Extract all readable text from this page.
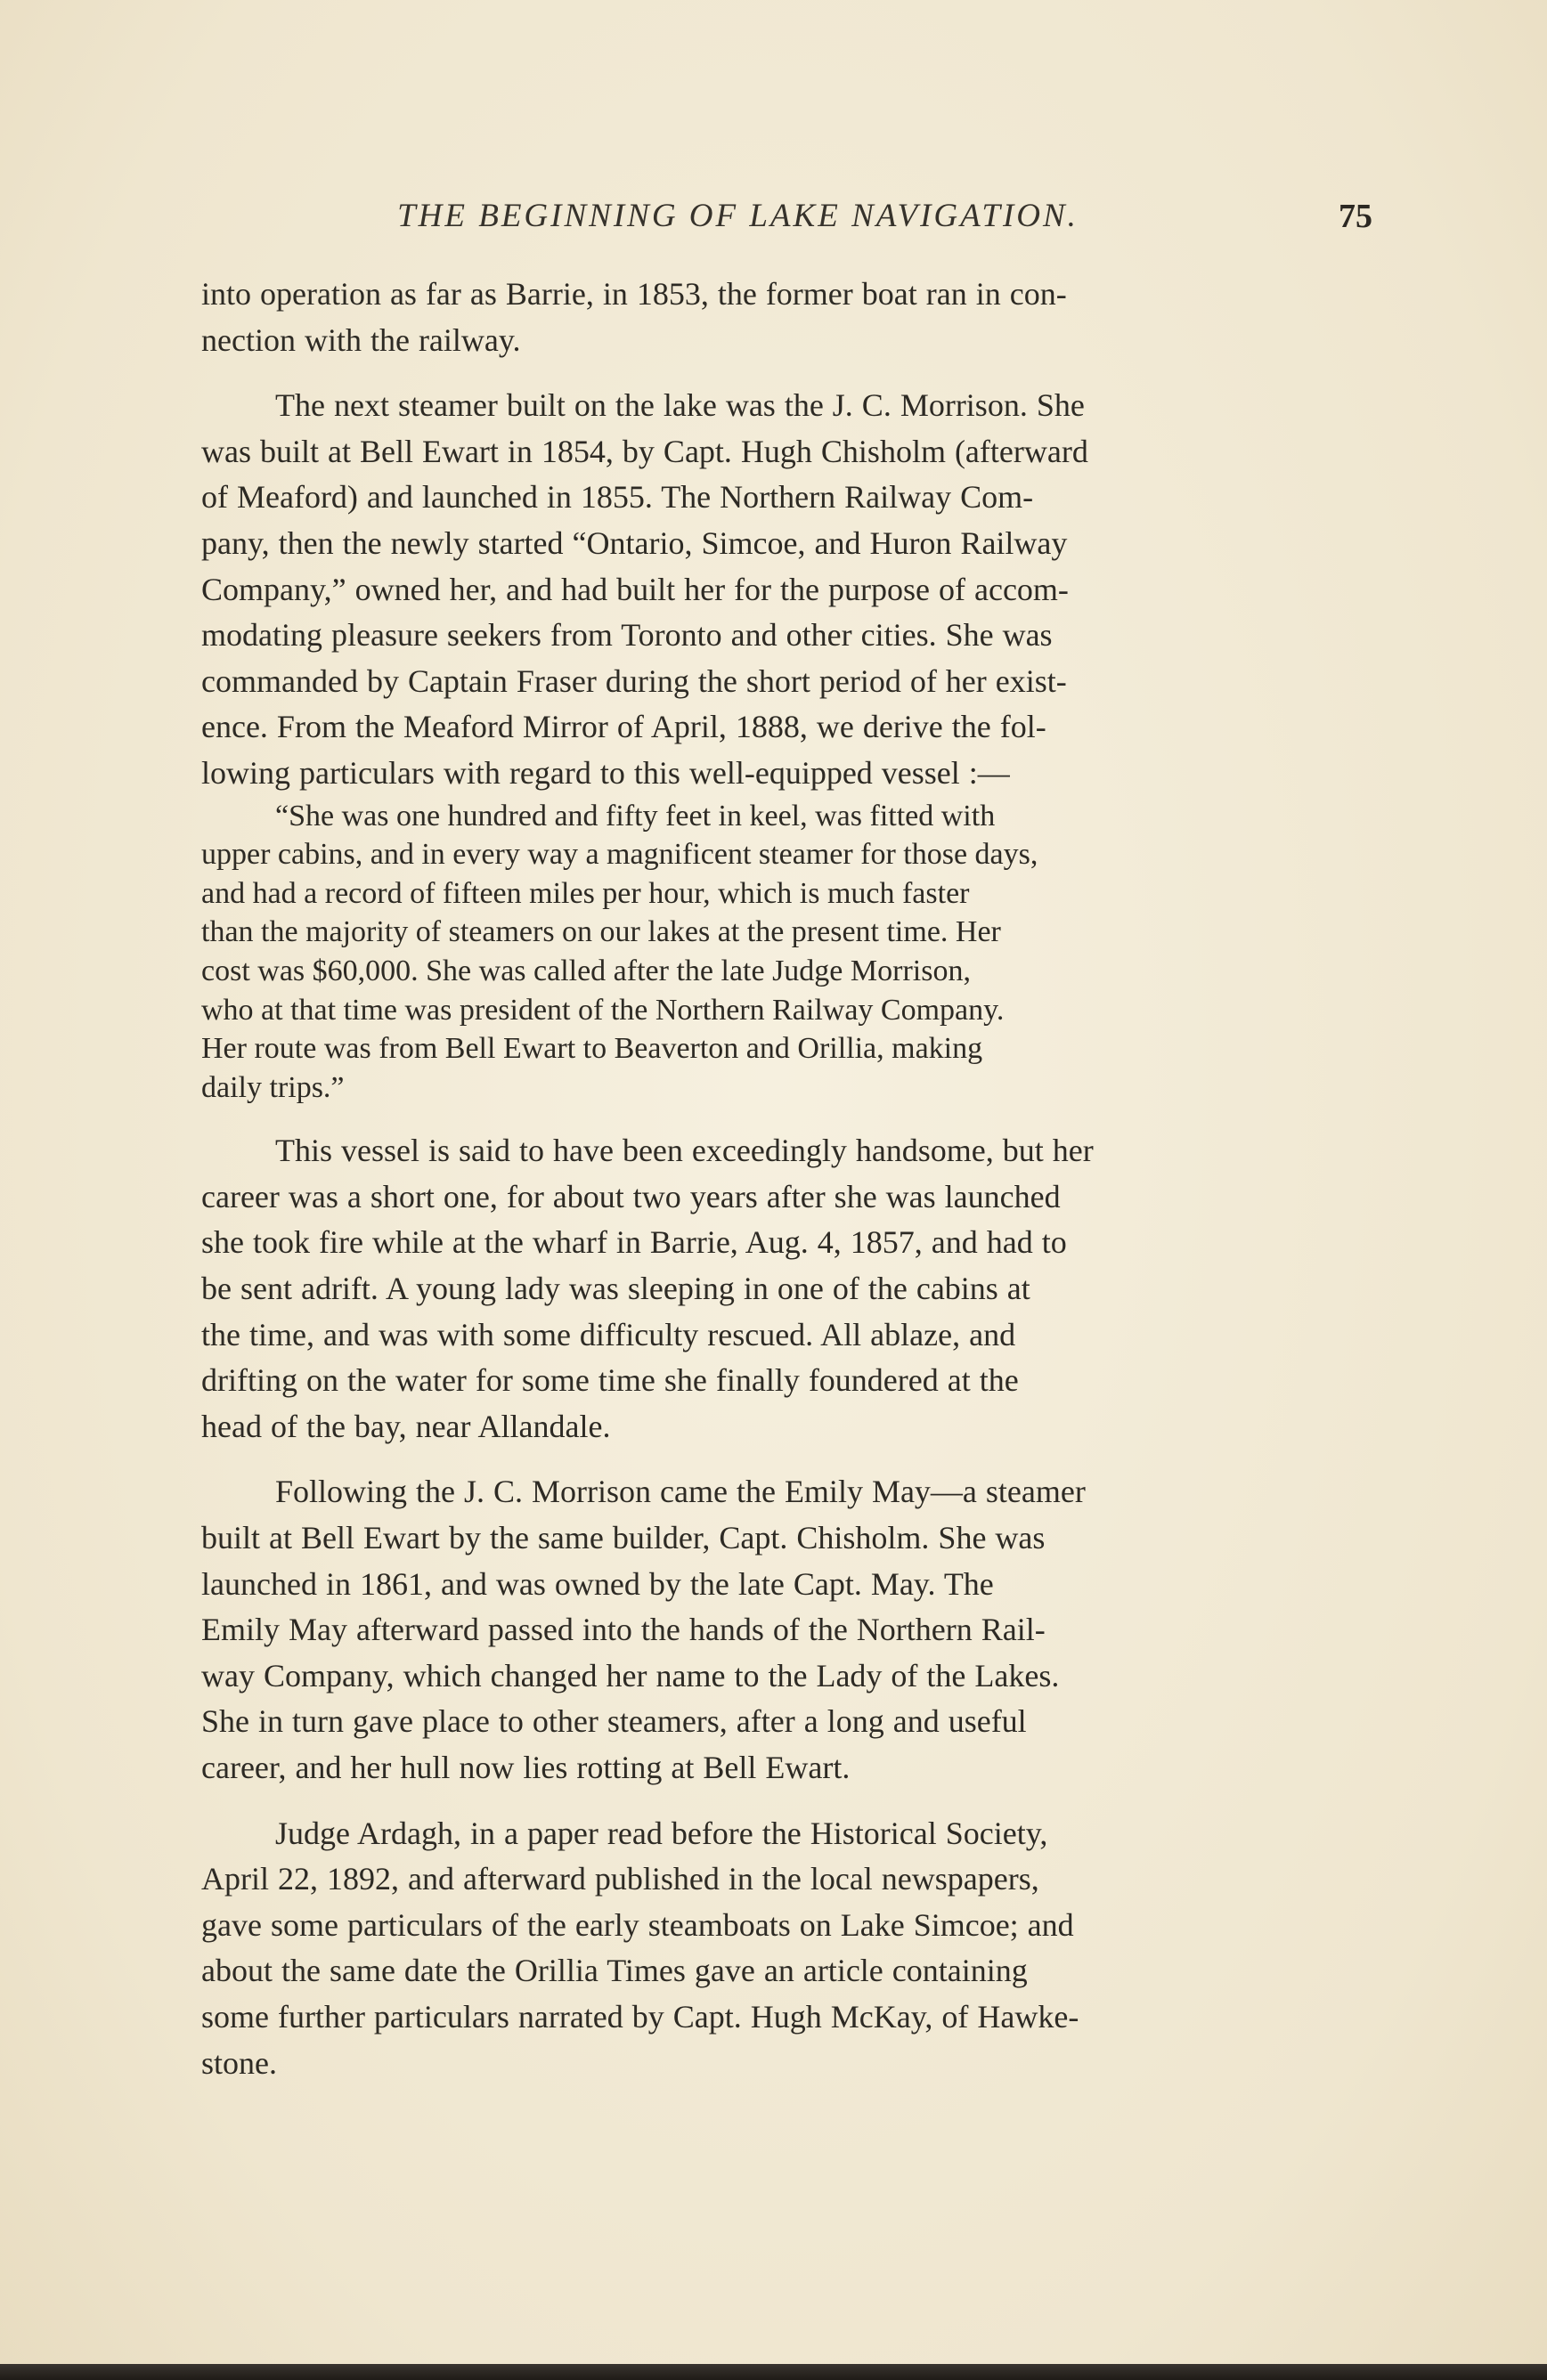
THE BEGINNING OF LAKE NAVIGATION.	75
into operation as far as Barrie, in 1853, the former boat ran in con-
nection with the railway.
The next steamer built on the lake was the J. C. Morrison. She
was built at Bell Ewart in 1854, by Capt. Hugh Chisholm (afterward
of Meaford) and launched in 1855. The Northern Railway Com-
pany, then the newly started “Ontario, Simcoe, and Huron Railway
Company,” owned her, and had built her for the purpose of accom-
modating pleasure seekers from Toronto and other cities. She was
commanded by Captain Fraser during the short period of her exist-
ence. From the Meaford Mirror of April, 1888, we derive the fol-
lowing particulars with regard to this well-equipped vessel :—
“She was one hundred and fifty feet in keel, was fitted with
upper cabins, and in every way a magnificent steamer for those days,
and had a record of fifteen miles per hour, which is much faster
than the majority of steamers on our lakes at the present time. Her
cost was $60,000. She was called after the late Judge Morrison,
who at that time was president of the Northern Railway Company.
Her route was from Bell Ewart to Beaverton and Orillia, making
daily trips.”
This vessel is said to have been exceedingly handsome, but her
career was a short one, for about two years after she was launched
she took fire while at the wharf in Barrie, Aug. 4, 1857, and had to
be sent adrift. A young lady was sleeping in one of the cabins at
the time, and was with some difficulty rescued. All ablaze, and
drifting on the water for some time she finally foundered at the
head of the bay, near Allandale.
Following the J. C. Morrison came the Emily May—a steamer
built at Bell Ewart by the same builder, Capt. Chisholm. She was
launched in 1861, and was owned by the late Capt. May. The
Emily May afterward passed into the hands of the Northern Rail-
way Company, which changed her name to the Lady of the Lakes.
She in turn gave place to other steamers, after a long and useful
career, and her hull now lies rotting at Bell Ewart.
Judge Ardagh, in a paper read before the Historical Society,
April 22, 1892, and afterward published in the local newspapers,
gave some particulars of the early steamboats on Lake Simcoe; and
about the same date the Orillia Times gave an article containing
some further particulars narrated by Capt. Hugh McKay, of Hawke-
stone.
